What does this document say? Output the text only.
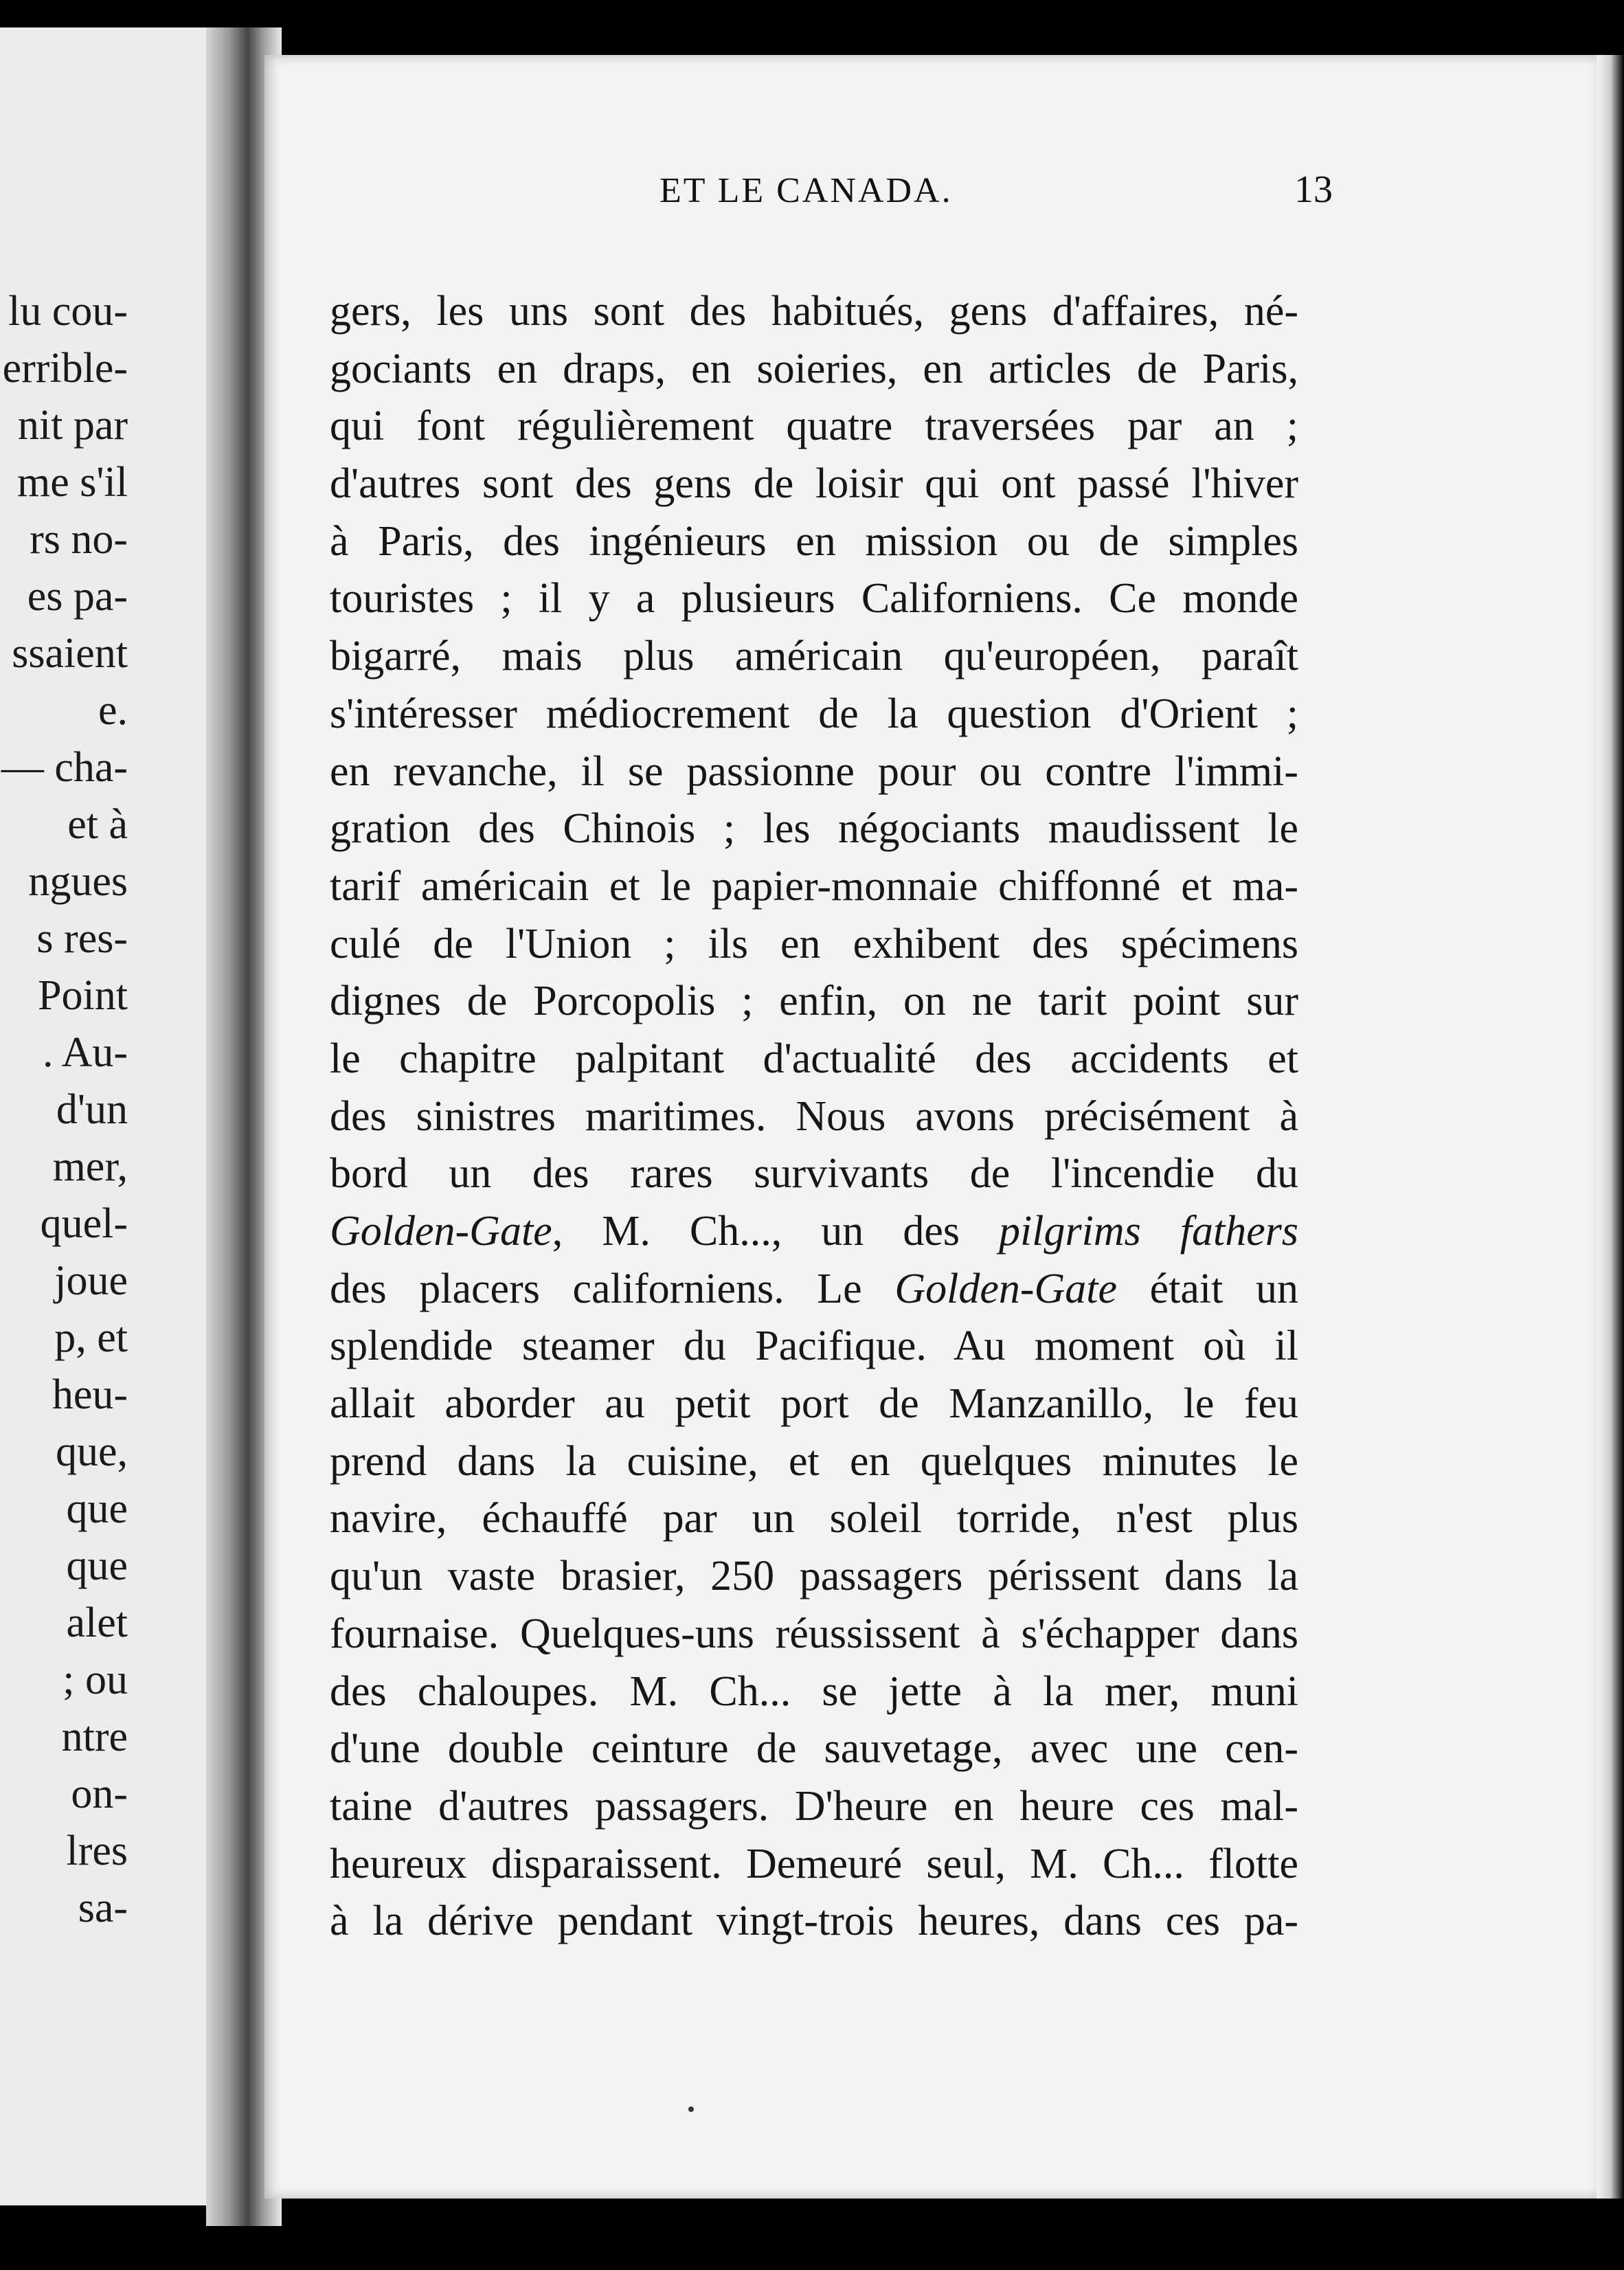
lu cou-
errible-
nit par
me s'il
rs no-
es pa-
ssaient
e.
— cha-
et à
ngues
s res-
Point
. Au-
d'un
mer,
quel-
joue
p, et
heu-
que,
que
que
alet
; ou
ntre
on-
lres
sa-
ET LE CANADA.	13
gers, les uns sont des habitués, gens d'affaires, né-
gociants en draps, en soieries, en articles de Paris,
qui font régulièrement quatre traversées par an ;
d'autres sont des gens de loisir qui ont passé l'hiver
à Paris, des ingénieurs en mission ou de simples
touristes ; il y a plusieurs Californiens. Ce monde
bigarré, mais plus américain qu'européen, paraît
s'intéresser médiocrement de la question d'Orient ;
en revanche, il se passionne pour ou contre l'immi-
gration des Chinois ; les négociants maudissent le
tarif américain et le papier-monnaie chiffonné et ma-
culé de l'Union ; ils en exhibent des spécimens
dignes de Porcopolis ; enfin, on ne tarit point sur
le chapitre palpitant d'actualité des accidents et
des sinistres maritimes. Nous avons précisément à
bord un des rares survivants de l'incendie du
Golden-Gate, M. Ch..., un des pilgrims fathers
des placers californiens. Le Golden-Gate était un
splendide steamer du Pacifique. Au moment où il
allait aborder au petit port de Manzanillo, le feu
prend dans la cuisine, et en quelques minutes le
navire, échauffé par un soleil torride, n'est plus
qu'un vaste brasier, 250 passagers périssent dans la
fournaise. Quelques-uns réussissent à s'échapper dans
des chaloupes. M. Ch... se jette à la mer, muni
d'une double ceinture de sauvetage, avec une cen-
taine d'autres passagers. D'heure en heure ces mal-
heureux disparaissent. Demeuré seul, M. Ch... flotte
à la dérive pendant vingt-trois heures, dans ces pa-
